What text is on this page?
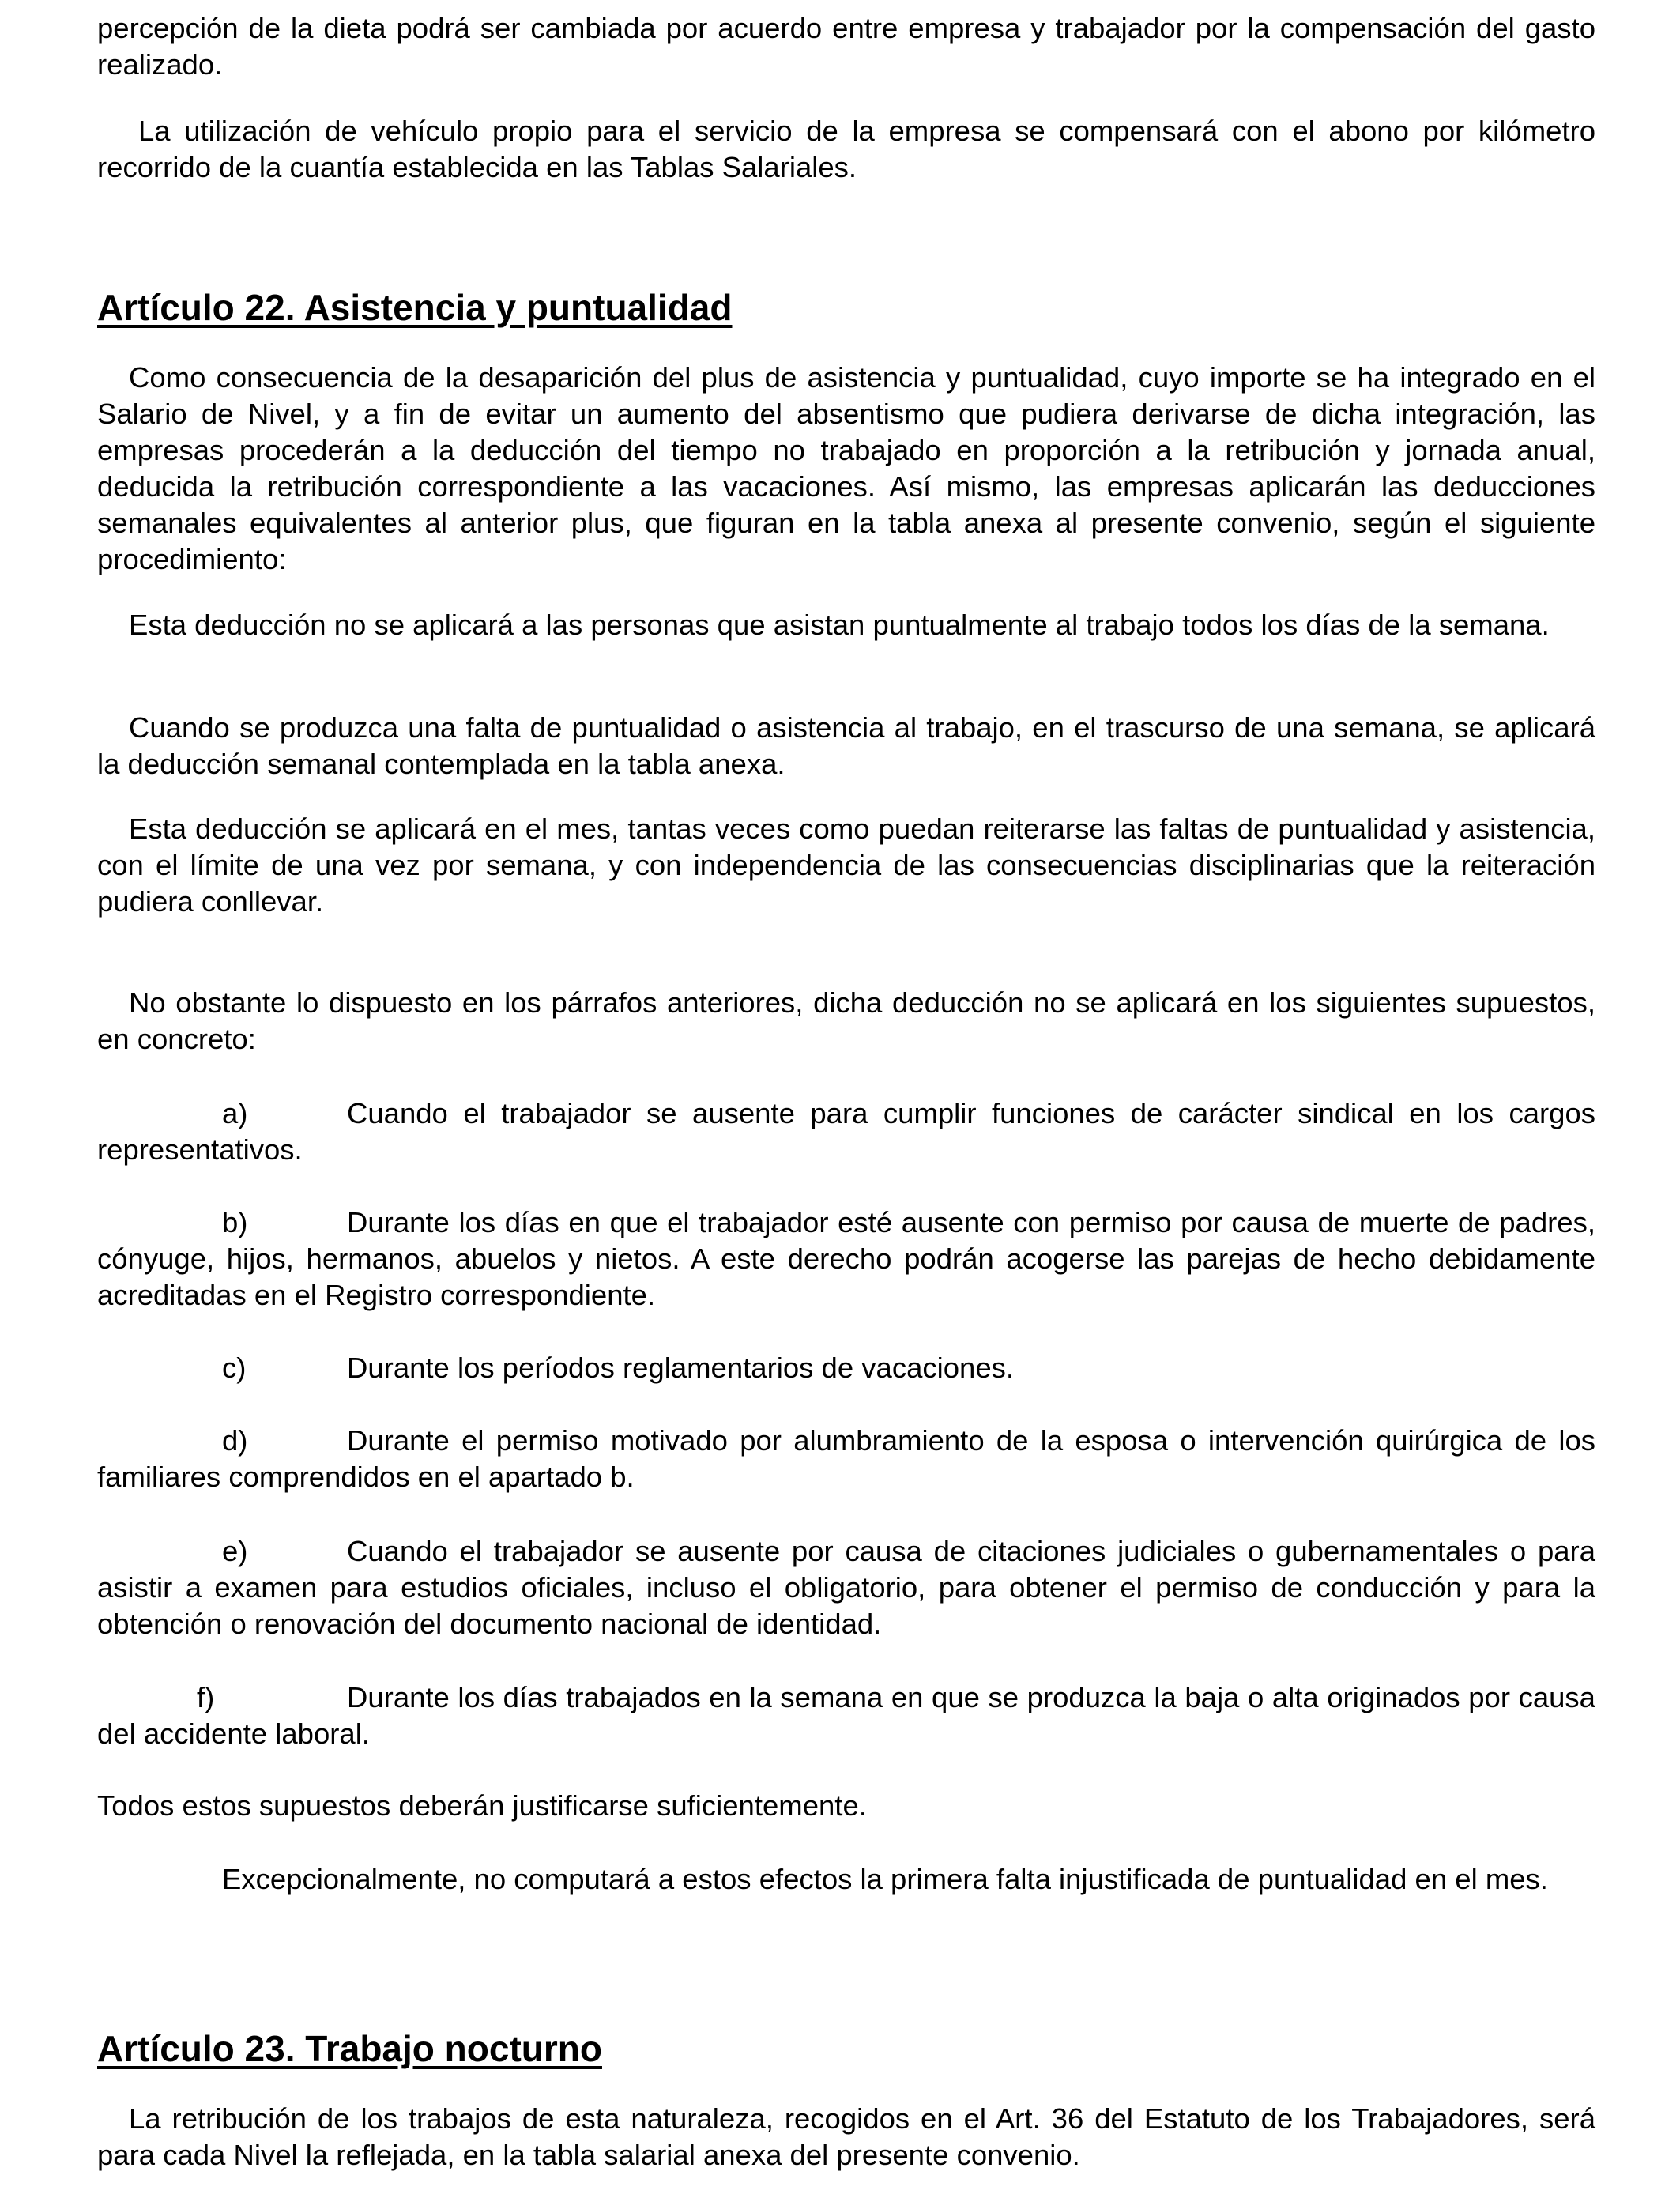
percepción de la dieta podrá ser cambiada por acuerdo entre empresa y trabajador por la compensación del gasto realizado.

La utilización de vehículo propio para el servicio de la empresa se compensará con el abono por kilómetro recorrido de la cuantía establecida en las Tablas Salariales.

Artículo 22. Asistencia y puntualidad

Como consecuencia de la desaparición del plus de asistencia y puntualidad, cuyo importe se ha integrado en el Salario de Nivel, y a fin de evitar un aumento del absentismo que pudiera derivarse de dicha integración, las empresas procederán a la deducción del tiempo no trabajado en proporción a la retribución y jornada anual, deducida la retribución correspondiente a las vacaciones. Así mismo, las empresas aplicarán las deducciones semanales equivalentes al anterior plus, que figuran en la tabla anexa al presente convenio, según el siguiente procedimiento:

Esta deducción no se aplicará a las personas que asistan puntualmente al trabajo todos los días de la semana.

Cuando se produzca una falta de puntualidad o asistencia al trabajo, en el trascurso de una semana, se aplicará la deducción semanal contemplada en la tabla anexa.

Esta deducción se aplicará en el mes, tantas veces como puedan reiterarse las faltas de puntualidad y asistencia, con el límite de una vez por semana, y con independencia de las consecuencias disciplinarias que la reiteración pudiera conllevar.

No obstante lo dispuesto en los párrafos anteriores, dicha deducción no se aplicará en los siguientes supuestos, en concreto:

a)	Cuando el trabajador se ausente para cumplir funciones de carácter sindical en los cargos representativos.

b)	Durante los días en que el trabajador esté ausente con permiso por causa de muerte de padres, cónyuge, hijos, hermanos, abuelos y nietos. A este derecho podrán acogerse las parejas de hecho debidamente acreditadas en el Registro correspondiente.

c)	Durante los períodos reglamentarios de vacaciones.

d)	Durante el permiso motivado por alumbramiento de la esposa o intervención quirúrgica de los familiares comprendidos en el apartado b.

e)	Cuando el trabajador se ausente por causa de citaciones judiciales o gubernamentales o para asistir a examen para estudios oficiales, incluso el obligatorio, para obtener el permiso de conducción y para la obtención o renovación del documento nacional de identidad.

f)	Durante los días trabajados en la semana en que se produzca la baja o alta originados por causa del accidente laboral.

Todos estos supuestos deberán justificarse suficientemente.

Excepcionalmente, no computará a estos efectos la primera falta injustificada de puntualidad en el mes.

Artículo 23. Trabajo nocturno

La retribución de los trabajos de esta naturaleza, recogidos en el Art. 36 del Estatuto de los Trabajadores, será para cada Nivel la reflejada, en la tabla salarial anexa del presente convenio.
